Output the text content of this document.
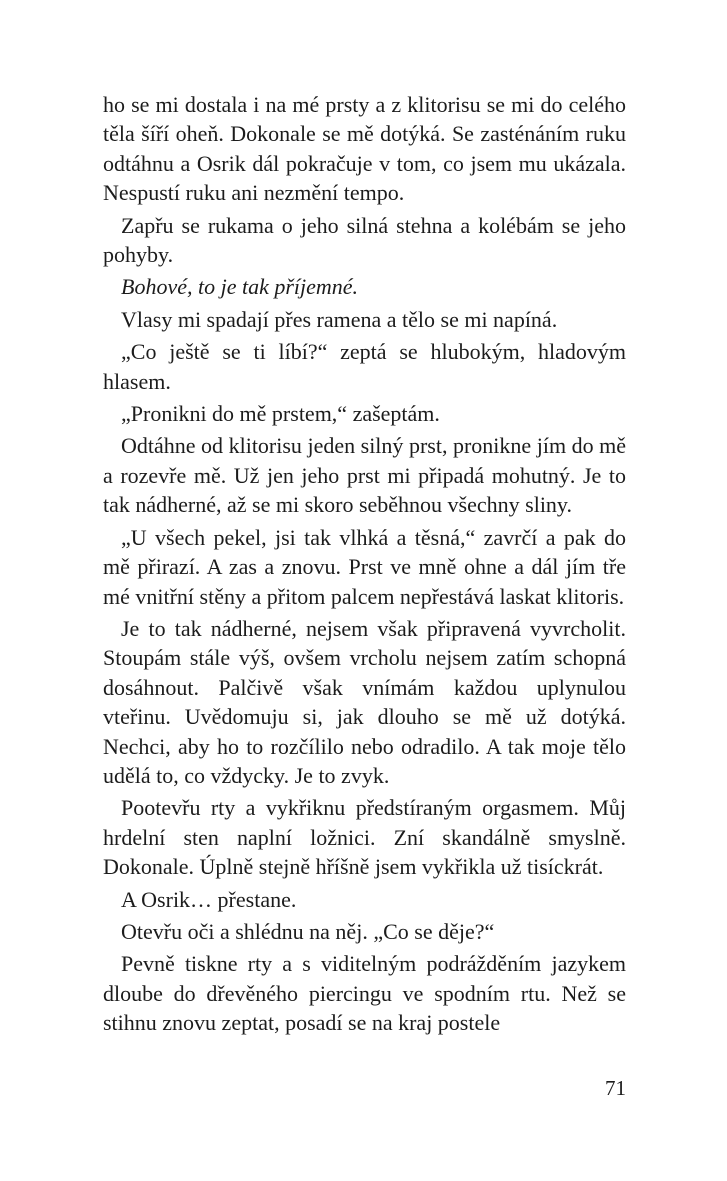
ho se mi dostala i na mé prsty a z klitorisu se mi do celého těla šíří oheň. Dokonale se mě dotýká. Se zasténáním ruku odtáhnu a Osrik dál pokračuje v tom, co jsem mu ukázala. Nespustí ruku ani nezmění tempo.

Zapřu se rukama o jeho silná stehna a kolébám se jeho pohyby.

Bohové, to je tak příjemné.

Vlasy mi spadají přes ramena a tělo se mi napíná.

„Co ještě se ti líbí?“ zeptá se hlubokým, hladovým hlasem.

„Pronikni do mě prstem,“ zašeptám.

Odtáhne od klitorisu jeden silný prst, pronikne jím do mě a rozevře mě. Už jen jeho prst mi připadá mohutný. Je to tak nádherné, až se mi skoro seběhnou všechny sliny.

„U všech pekel, jsi tak vlhká a těsná,“ zavrčí a pak do mě přirazí. A zas a znovu. Prst ve mně ohne a dál jím tře mé vnitřní stěny a přitom palcem nepřestává laskat klitoris.

Je to tak nádherné, nejsem však připravená vyvrcholit. Stoupám stále výš, ovšem vrcholu nejsem zatím schopná dosáhnout. Palčivě však vnímám každou uplynulou vteřinu. Uvědomuju si, jak dlouho se mě už dotýká. Nechci, aby ho to rozčílilo nebo odradilo. A tak moje tělo udělá to, co vždycky. Je to zvyk.

Pootevřu rty a vykřiknu předstíraným orgasmem. Můj hrdelní sten naplní ložnici. Zní skandálně smyslně. Dokonale. Úplně stejně hříšně jsem vykřikla už tisíckrát.

A Osrik… přestane.

Otevřu oči a shlédnu na něj. „Co se děje?“

Pevně tiskne rty a s viditelným podrážděním jazykem dloube do dřevěného piercingu ve spodním rtu. Než se stihnu znovu zeptat, posadí se na kraj postele

71
